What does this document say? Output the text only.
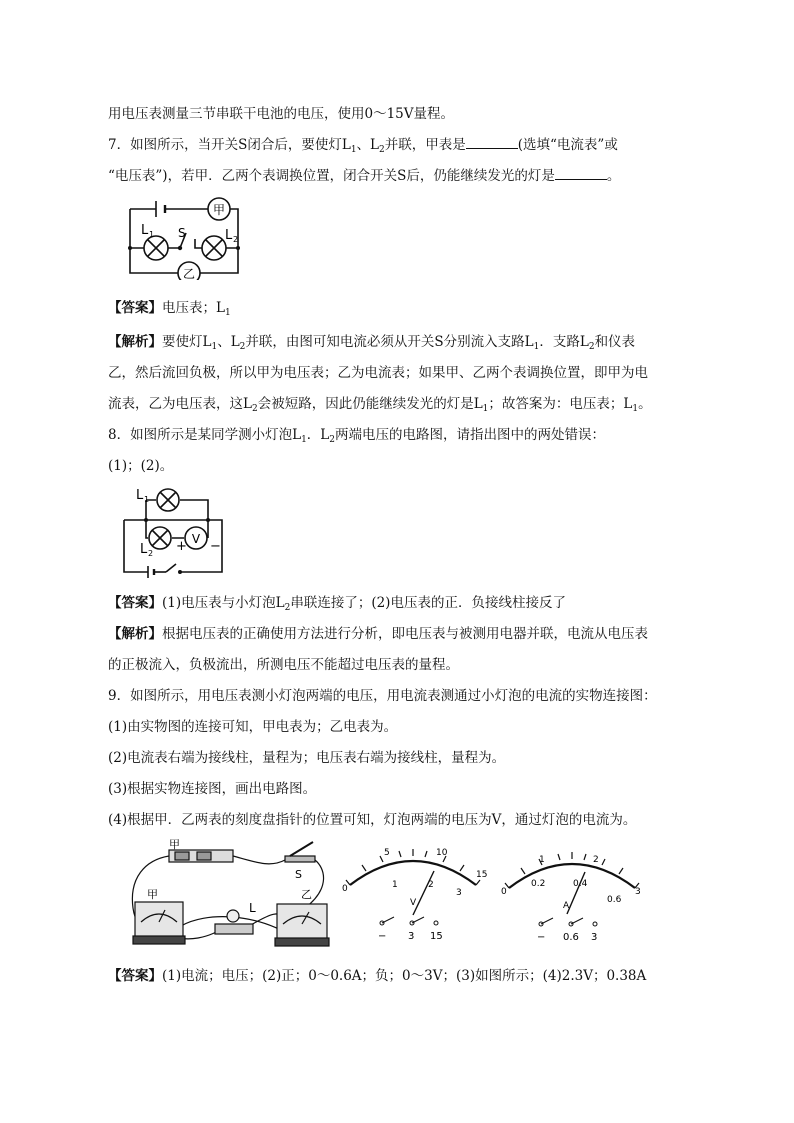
用电压表测量三节串联干电池的电压，使用0～15V量程。
7．如图所示，当开关S闭合后，要使灯$L_1$、$L_2$并联，甲表是	(选填“电流表”或
“电压表”)，若甲．乙两个表调换位置，闭合开关S后，仍能继续发光的灯是	。
甲
乙
L 1	L 2
S
【答案】电压表；$L_1$
【解析】要使灯$L_1$、$L_2$并联，由图可知电流必须从开关S分别流入支路$L_1$．支路$L_2$和仪表
乙，然后流回负极，所以甲为电压表；乙为电流表；如果甲、乙两个表调换位置，即甲为电
流表，乙为电压表，这$L_2$会被短路，因此仍能继续发光的灯是$L_1$；故答案为：电压表；$L_1$。
8．如图所示是某同学测小灯泡$L_1$．$L_2$两端电压的电路图，请指出图中的两处错误：
(1)；(2)。
L 1
L 2
V
+ −
【答案】(1)电压表与小灯泡$L_2$串联连接了；(2)电压表的正．负接线柱接反了
【解析】根据电压表的正确使用方法进行分析，即电压表与被测用电器并联，电流从电压表
的正极流入，负极流出，所测电压不能超过电压表的量程。
9．如图所示，用电压表测小灯泡两端的电压，用电流表测通过小灯泡的电流的实物连接图：
(1)由实物图的连接可知，甲电表为；乙电表为。
(2)电流表右端为接线柱，量程为；电压表右端为接线柱，量程为。
(3)根据实物连接图，画出电路图。
(4)根据甲．乙两表的刻度盘指针的位置可知，灯泡两端的电压为V，通过灯泡的电流为。
甲
甲	乙
L
S
0
5	10
15
1	2
3
V
− 3 15
0
1	2
3
0.2	0.4
0.6
A
− 0.6 3
【答案】(1)电流；电压；(2)正；0～0.6A；负；0～3V；(3)如图所示；(4)2.3V；0.38A
